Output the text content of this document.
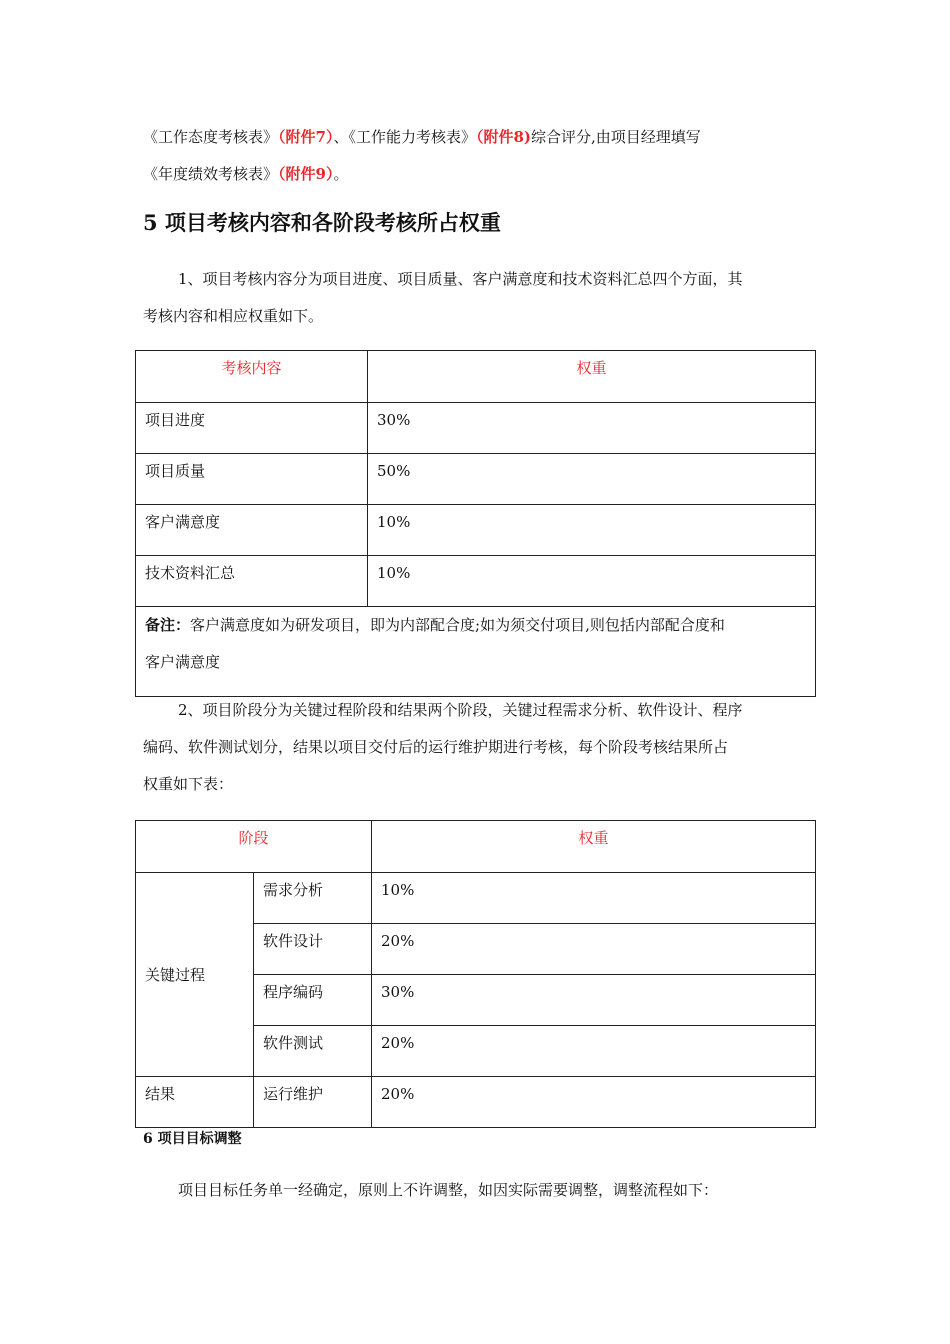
《工作态度考核表》（附件7）、《工作能力考核表》（附件8)综合评分,由项目经理填写
《年度绩效考核表》（附件9）。
5 项目考核内容和各阶段考核所占权重
1、项目考核内容分为项目进度、项目质量、客户满意度和技术资料汇总四个方面，其
考核内容和相应权重如下。
考核内容	权重
项目进度	30%
项目质量	50%
客户满意度	10%
技术资料汇总	10%

备注：客户满意度如为研发项目，即为内部配合度;如为须交付项目,则包括内部配合度和
客户满意度	
2、项目阶段分为关键过程阶段和结果两个阶段，关键过程需求分析、软件设计、程序
编码、软件测试划分，结果以项目交付后的运行维护期进行考核，每个阶段考核结果所占
权重如下表：
阶段		权重
关键过程	需求分析	10%
	软件设计	20%
	程序编码	30%
	软件测试	20%
结果	运行维护	20%
6 项目目标调整
项目目标任务单一经确定，原则上不许调整，如因实际需要调整，调整流程如下：
